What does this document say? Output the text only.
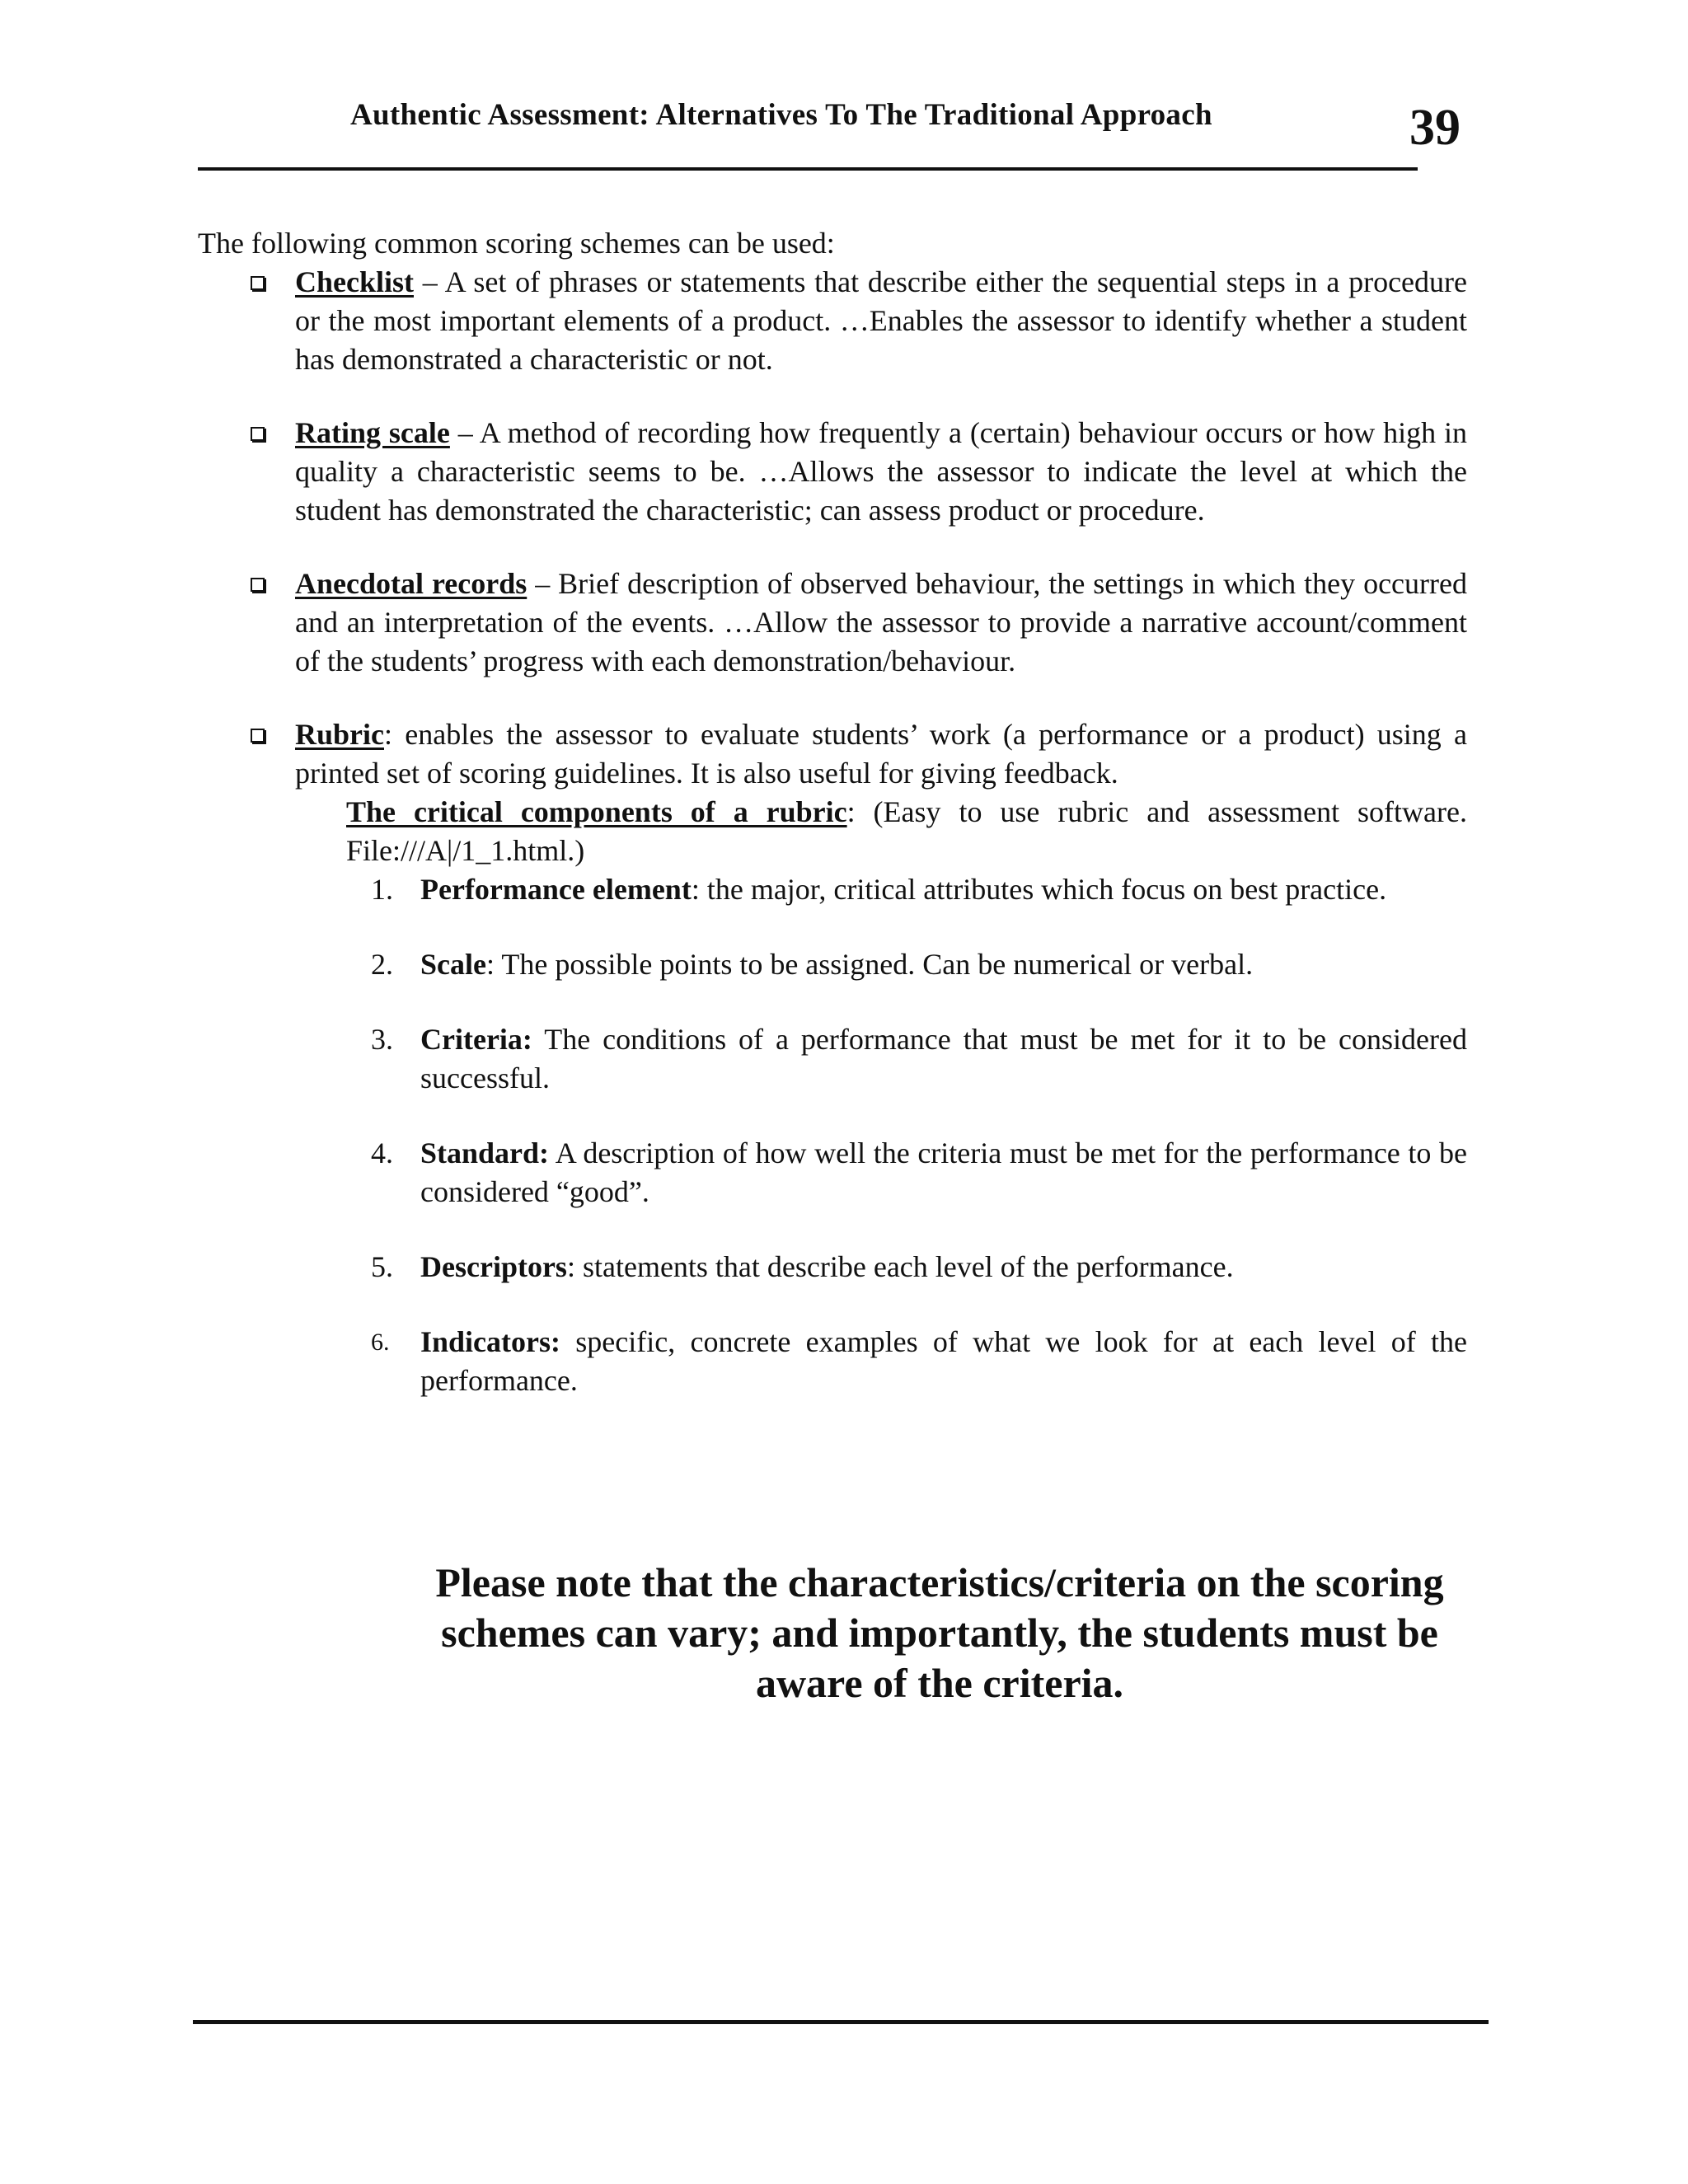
Authentic Assessment: Alternatives To The Traditional Approach	39

The following common scoring schemes can be used:

Checklist – A set of phrases or statements that describe either the sequential steps in a procedure or the most important elements of a product. …Enables the assessor to identify whether a student has demonstrated a characteristic or not.
Rating scale – A method of recording how frequently a (certain) behaviour occurs or how high in quality a characteristic seems to be. …Allows the assessor to indicate the level at which the student has demonstrated the characteristic; can assess product or procedure.
Anecdotal records – Brief description of observed behaviour, the settings in which they occurred and an interpretation of the events. …Allow the assessor to provide a narrative account/comment of the students’ progress with each demonstration/behaviour.
Rubric: enables the assessor to evaluate students’ work (a performance or a product) using a printed set of scoring guidelines. It is also useful for giving feedback.
The critical components of a rubric: (Easy to use rubric and assessment software. File:///A|/1_1.html.)
1. Performance element: the major, critical attributes which focus on best practice.
2. Scale: The possible points to be assigned. Can be numerical or verbal.
3. Criteria: The conditions of a performance that must be met for it to be considered successful.
4. Standard: A description of how well the criteria must be met for the performance to be considered “good”.
5. Descriptors: statements that describe each level of the performance.
6. Indicators: specific, concrete examples of what we look for at each level of the performance.
Please note that the characteristics/criteria on the scoring schemes can vary; and importantly, the students must be aware of the criteria.
